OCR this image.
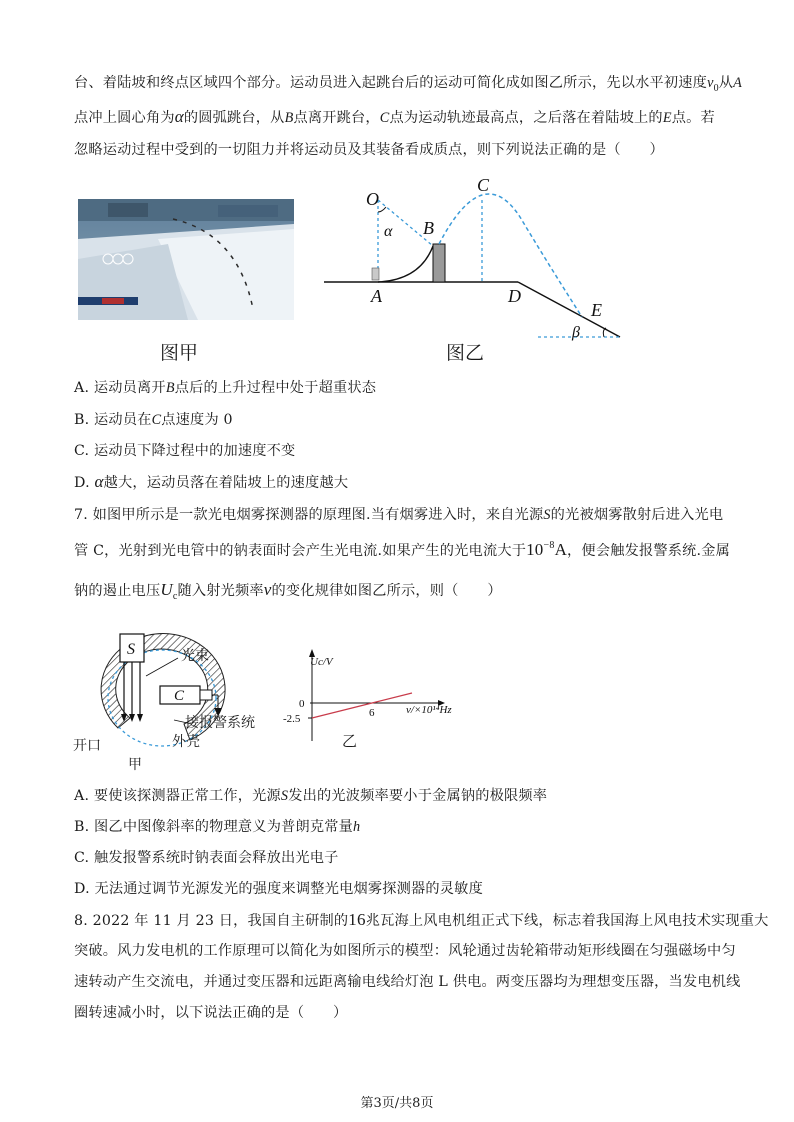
台、着陆坡和终点区域四个部分。运动员进入起跳台后的运动可简化成如图乙所示，先以水平初速度$v_0$从A
点冲上圆心角为α的圆弧跳台，从B点离开跳台，C点为运动轨迹最高点，之后落在着陆坡上的E点。若
忽略运动过程中受到的一切阻力并将运动员及其装备看成质点，则下列说法正确的是（　　）
图甲
O
α B
C
A	D
E
β
图乙
A. 运动员离开B点后的上升过程中处于超重状态
B. 运动员在C点速度为 0
C. 运动员下降过程中的加速度不变
D. α越大，运动员落在着陆坡上的速度越大
7. 如图甲所示是一款光电烟雾探测器的原理图.当有烟雾进入时，来自光源S的光被烟雾散射后进入光电
管 C，光射到光电管中的钠表面时会产生光电流.如果产生的光电流大于$10^{-8}A$，便会触发报警系统.金属
钠的遏止电压$U_c$随入射光频率ν的变化规律如图乙所示，则（　　）
S
C
光束
接报警系统
外壳
开口
甲
Uc/V
ν/×10¹⁴Hz
0
-2.5	6
乙
A. 要使该探测器正常工作，光源S发出的光波频率要小于金属钠的极限频率
B. 图乙中图像斜率的物理意义为普朗克常量h
C. 触发报警系统时钠表面会释放出光电子
D. 无法通过调节光源发光的强度来调整光电烟雾探测器的灵敏度
8. 2022 年 11 月 23 日，我国自主研制的16兆瓦海上风电机组正式下线，标志着我国海上风电技术实现重大
突破。风力发电机的工作原理可以简化为如图所示的模型：风轮通过齿轮箱带动矩形线圈在匀强磁场中匀
速转动产生交流电，并通过变压器和远距离输电线给灯泡 L 供电。两变压器均为理想变压器，当发电机线
圈转速减小时，以下说法正确的是（　　）
第3页/共8页
